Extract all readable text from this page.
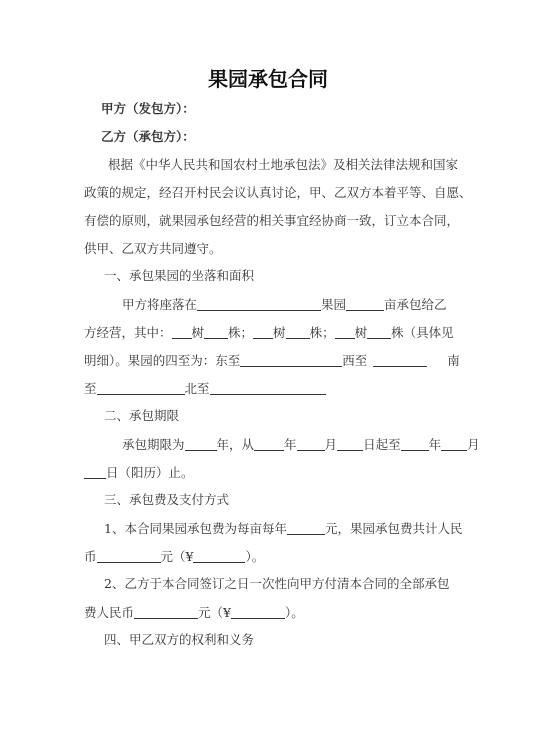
果园承包合同
甲方（发包方）：
乙方（承包方）：
根据《中华人民共和国农村土地承包法》及相关法律法规和国家
政策的规定，经召开村民会议认真讨论，甲、乙双方本着平等、自愿、
有偿的原则，就果园承包经营的相关事宜经协商一致，订立本合同，
供甲、乙双方共同遵守。
一、承包果园的坐落和面积
甲方将座落在	果园	亩承包给乙
方经营，其中： 树 株； 树 株； 树 株（具体见
明细）。果园的四至为：东至	西至	南
至	北至
二、承包期限
承包期限为	年，从 年 月 日起至 年 月
日（阳历）止。
三、承包费及支付方式
1、本合同果园承包费为每亩每年	元，果园承包费共计人民
币	元（¥	）。
2、乙方于本合同签订之日一次性向甲方付清本合同的全部承包
费人民币	元（¥	）。
四、甲乙双方的权利和义务
